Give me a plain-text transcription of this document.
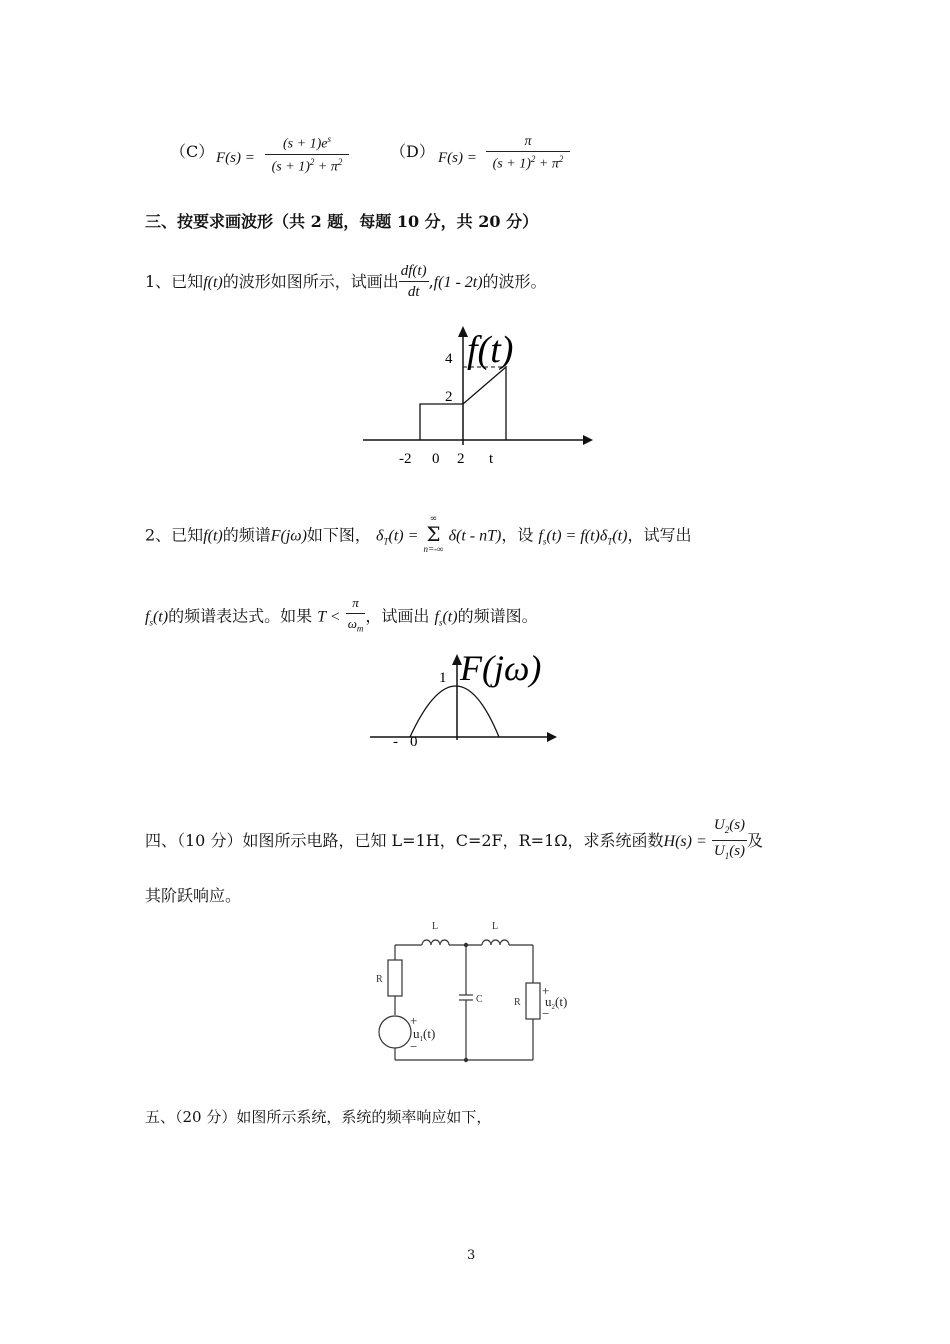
（C） F(s) =
$(s + 1)e^s$
$(s + 1)^2 + \pi^2$
（D） F(s) =
π
$(s + 1)^2 + \pi^2$
三、按要求画波形（共 2 题，每题 10 分，共 20 分）
1、已知f(t)的波形如图所示，试画出 $\frac{df(t)}{dt} ,f(1 - 2t)$的波形。
f(t)
4
2
-2 0 2 t
2、已知f(t)的频谱F(jω)如下图， $\delta_T(t)$ =
∞
Σ
n=-∞
δ(t - nT)，设 $f_s(t) = f(t)\delta_T(t)$，试写出
$f_s(t)$的频谱表达式。如果 $T < \frac{\pi}{\omega_m}$ ，试画出 $f_s(t)$的频谱图。
F(jω)
1
- 0
四、（10 分）如图所示电路，已知 L=1H，C=2F，R=1Ω，求系统函数$H(s) = \frac{U_2(s)}{U_1(s)}$ 及
其阶跃响应。
L	L
R
C	R
+
−
$u_1(t)$
+
−
$u_2(t)$
五、（20 分）如图所示系统，系统的频率响应如下，
3
